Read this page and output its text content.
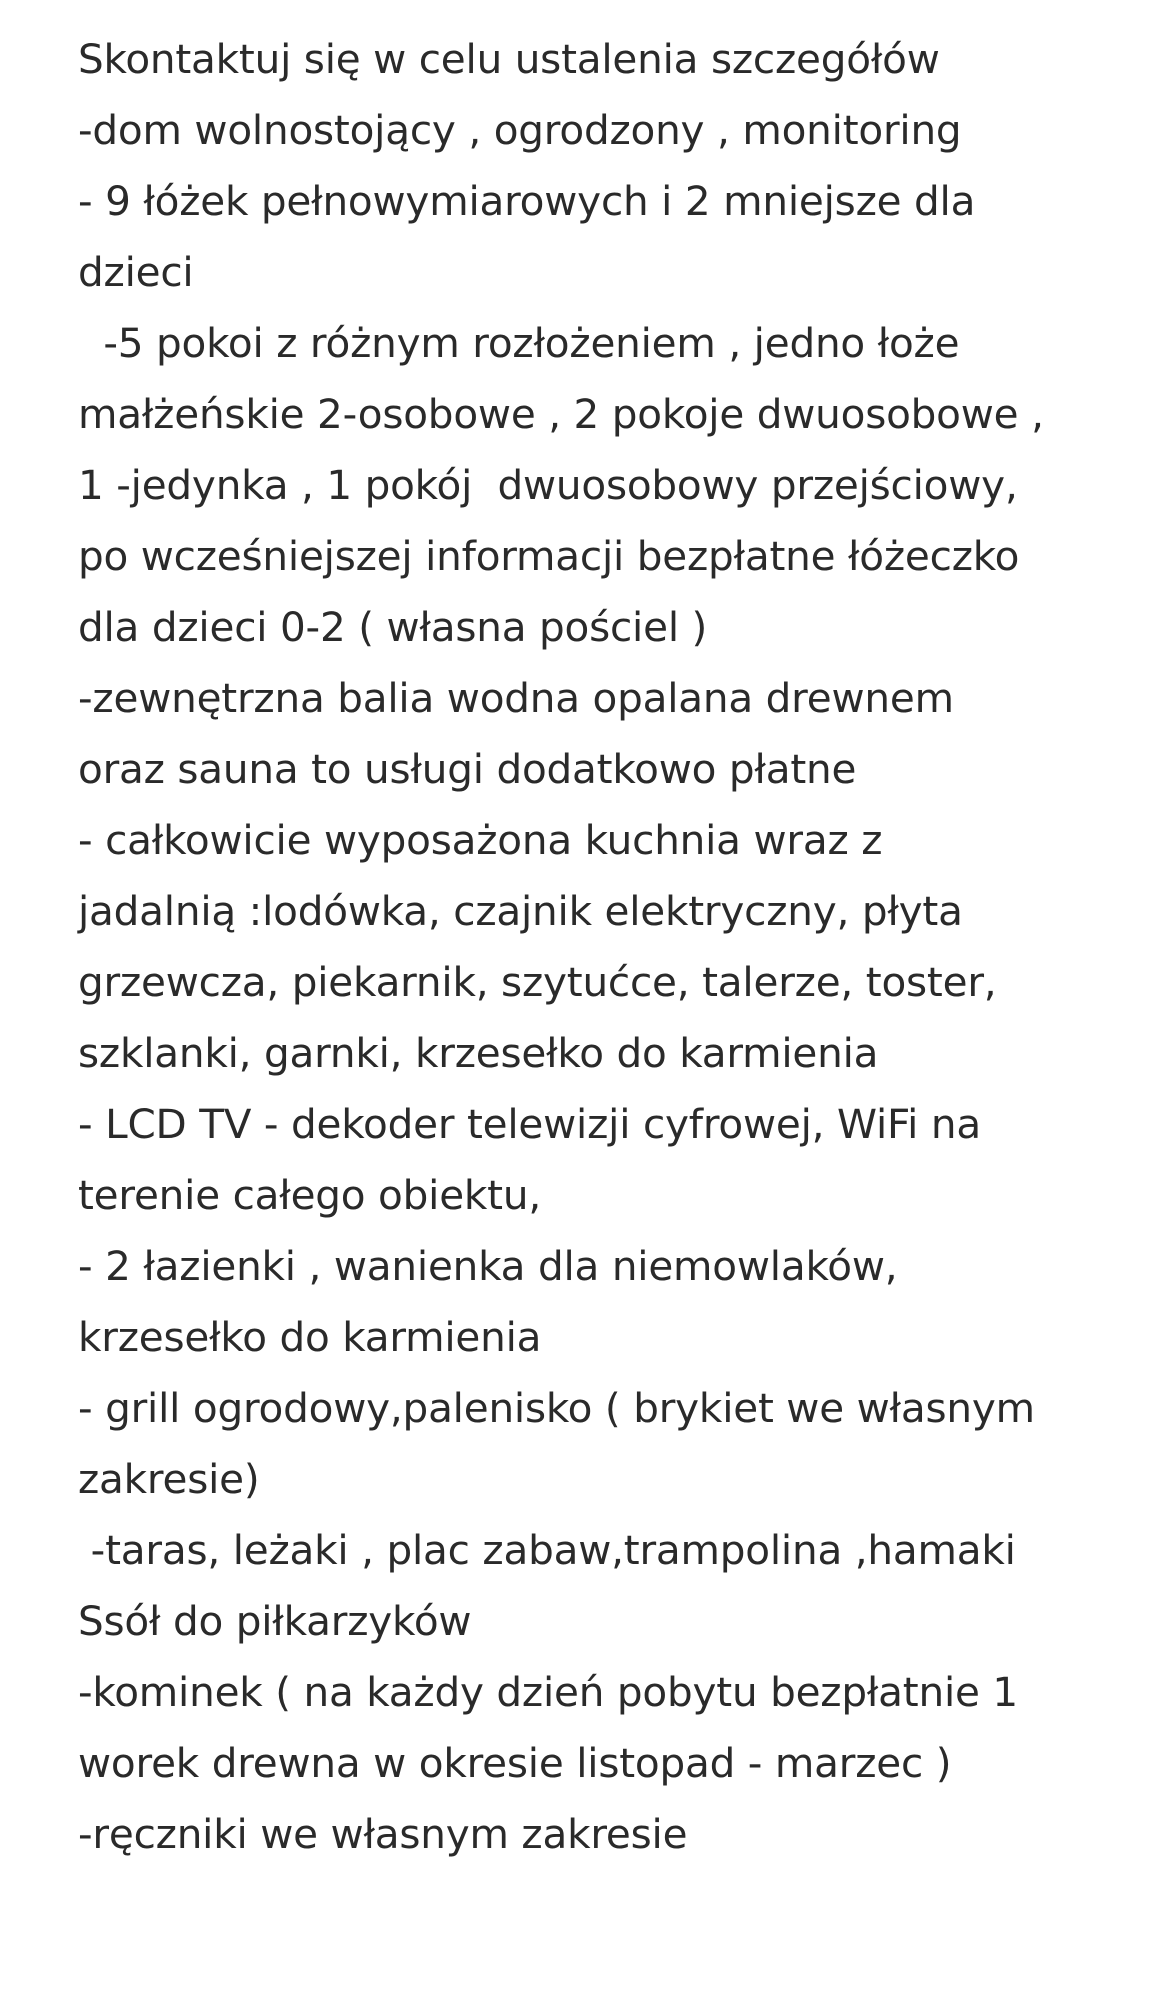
Skontaktuj się w celu ustalenia szczegółów
-dom wolnostojący , ogrodzony , monitoring
- 9 łóżek pełnowymiarowych i 2 mniejsze dla
dzieci
-5 pokoi z różnym rozłożeniem , jedno łoże
małżeńskie 2-osobowe , 2 pokoje dwuosobowe ,
1 -jedynka , 1 pokój  dwuosobowy przejściowy,
po wcześniejszej informacji bezpłatne łóżeczko
dla dzieci 0-2 ( własna pościel )
-zewnętrzna balia wodna opalana drewnem
oraz sauna to usługi dodatkowo płatne
- całkowicie wyposażona kuchnia wraz z
jadalnią :lodówka, czajnik elektryczny, płyta
grzewcza, piekarnik, szytućce, talerze, toster,
szklanki, garnki, krzesełko do karmienia
- LCD TV - dekoder telewizji cyfrowej, WiFi na
terenie całego obiektu,
- 2 łazienki , wanienka dla niemowlaków,
krzesełko do karmienia
- grill ogrodowy,palenisko ( brykiet we własnym
zakresie)
-taras, leżaki , plac zabaw,trampolina ,hamaki
Ssół do piłkarzyków
-kominek ( na każdy dzień pobytu bezpłatnie 1
worek drewna w okresie listopad - marzec )
-ręczniki we własnym zakresie
